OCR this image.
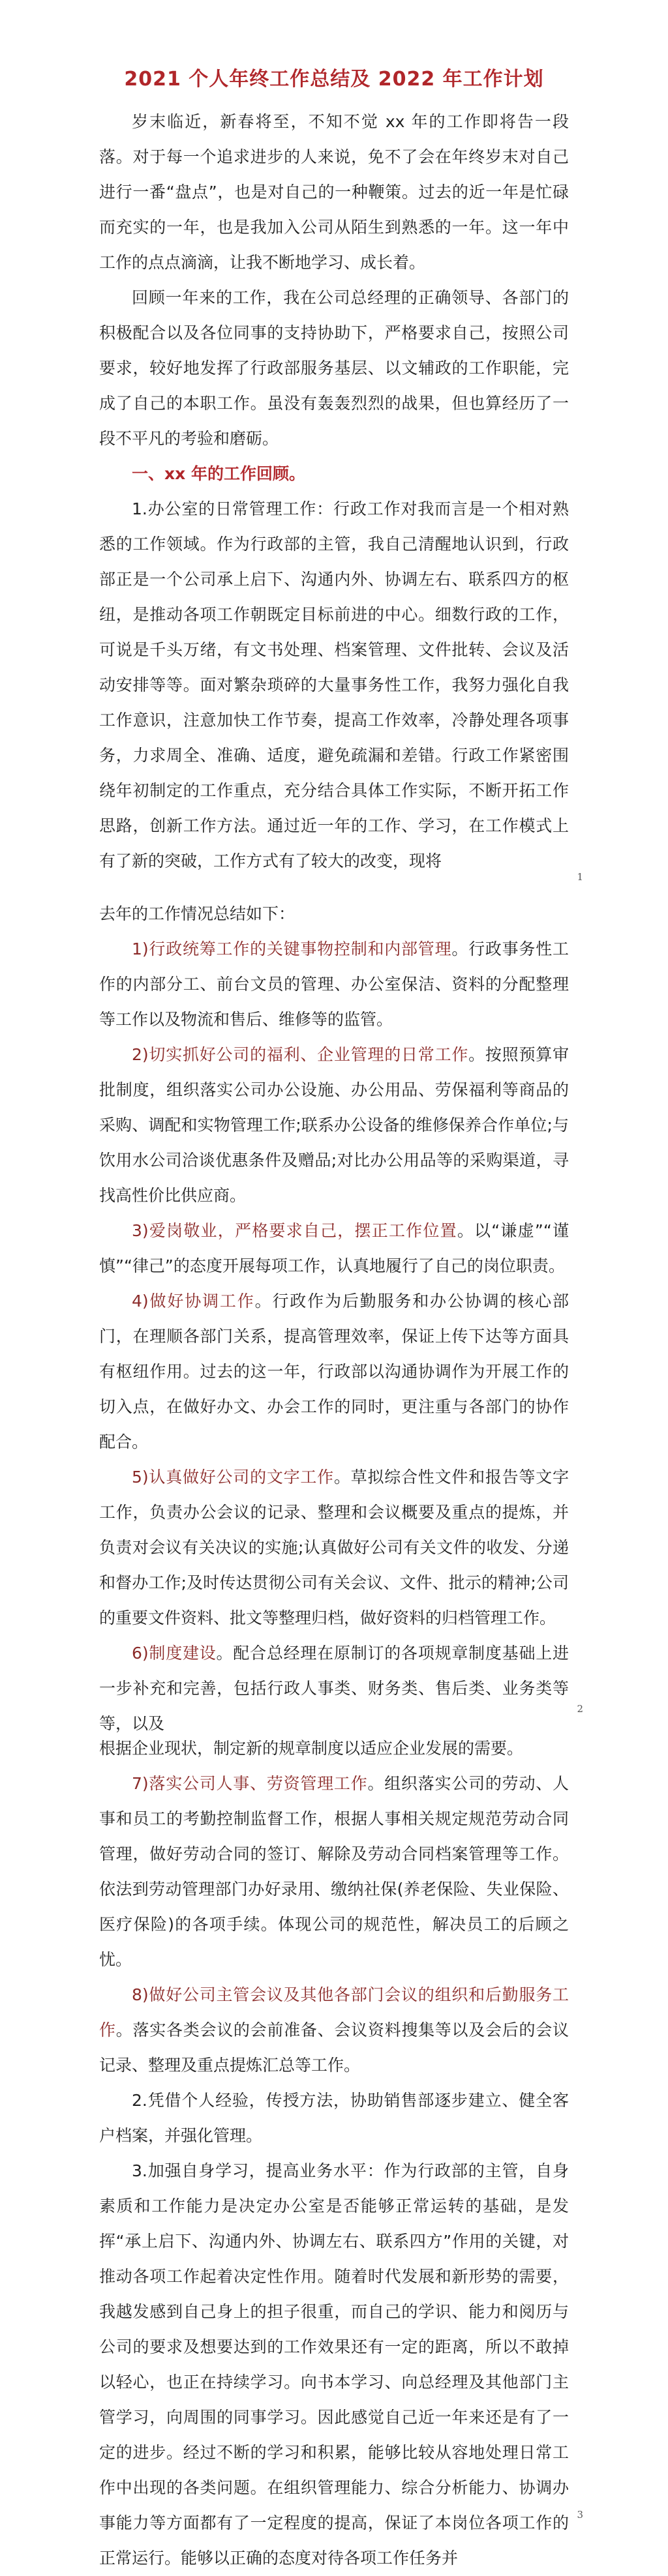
2021 个人年终工作总结及 2022 年工作计划

岁末临近，新春将至，不知不觉 xx 年的工作即将告一段落。对于每一个追求进步的人来说，免不了会在年终岁末对自己进行一番“盘点”，也是对自己的一种鞭策。过去的近一年是忙碌而充实的一年，也是我加入公司从陌生到熟悉的一年。这一年中工作的点点滴滴，让我不断地学习、成长着。

回顾一年来的工作，我在公司总经理的正确领导、各部门的积极配合以及各位同事的支持协助下，严格要求自己，按照公司要求，较好地发挥了行政部服务基层、以文辅政的工作职能，完成了自己的本职工作。虽没有轰轰烈烈的战果，但也算经历了一段不平凡的考验和磨砺。

一、xx 年的工作回顾。

1.办公室的日常管理工作：行政工作对我而言是一个相对熟悉的工作领域。作为行政部的主管，我自己清醒地认识到，行政部正是一个公司承上启下、沟通内外、协调左右、联系四方的枢纽，是推动各项工作朝既定目标前进的中心。细数行政的工作，可说是千头万绪，有文书处理、档案管理、文件批转、会议及活动安排等等。面对繁杂琐碎的大量事务性工作，我努力强化自我工作意识，注意加快工作节奏，提高工作效率，冷静处理各项事务，力求周全、准确、适度，避免疏漏和差错。行政工作紧密围绕年初制定的工作重点，充分结合具体工作实际，不断开拓工作思路，创新工作方法。通过近一年的工作、学习，在工作模式上有了新的突破，工作方式有了较大的改变，现将

1

去年的工作情况总结如下：

1)行政统筹工作的关键事物控制和内部管理。行政事务性工作的内部分工、前台文员的管理、办公室保洁、资料的分配整理等工作以及物流和售后、维修等的监管。

2)切实抓好公司的福利、企业管理的日常工作。按照预算审批制度，组织落实公司办公设施、办公用品、劳保福利等商品的采购、调配和实物管理工作;联系办公设备的维修保养合作单位;与饮用水公司洽谈优惠条件及赠品;对比办公用品等的采购渠道，寻找高性价比供应商。

3)爱岗敬业，严格要求自己，摆正工作位置。以“谦虚”“谨慎”“律己”的态度开展每项工作，认真地履行了自己的岗位职责。

4)做好协调工作。行政作为后勤服务和办公协调的核心部门，在理顺各部门关系，提高管理效率，保证上传下达等方面具有枢纽作用。过去的这一年，行政部以沟通协调作为开展工作的切入点，在做好办文、办会工作的同时，更注重与各部门的协作配合。

5)认真做好公司的文字工作。草拟综合性文件和报告等文字工作，负责办公会议的记录、整理和会议概要及重点的提炼，并负责对会议有关决议的实施;认真做好公司有关文件的收发、分递和督办工作;及时传达贯彻公司有关会议、文件、批示的精神;公司的重要文件资料、批文等整理归档，做好资料的归档管理工作。

6)制度建设。配合总经理在原制订的各项规章制度基础上进一步补充和完善，包括行政人事类、财务类、售后类、业务类等等，以及

2

根据企业现状，制定新的规章制度以适应企业发展的需要。

7)落实公司人事、劳资管理工作。组织落实公司的劳动、人事和员工的考勤控制监督工作，根据人事相关规定规范劳动合同管理，做好劳动合同的签订、解除及劳动合同档案管理等工作。依法到劳动管理部门办好录用、缴纳社保(养老保险、失业保险、医疗保险)的各项手续。体现公司的规范性，解决员工的后顾之忧。

8)做好公司主管会议及其他各部门会议的组织和后勤服务工作。落实各类会议的会前准备、会议资料搜集等以及会后的会议记录、整理及重点提炼汇总等工作。

2.凭借个人经验，传授方法，协助销售部逐步建立、健全客户档案，并强化管理。

3.加强自身学习，提高业务水平：作为行政部的主管，自身素质和工作能力是决定办公室是否能够正常运转的基础，是发挥“承上启下、沟通内外、协调左右、联系四方”作用的关键，对推动各项工作起着决定性作用。随着时代发展和新形势的需要，我越发感到自己身上的担子很重，而自己的学识、能力和阅历与公司的要求及想要达到的工作效果还有一定的距离，所以不敢掉以轻心，也正在持续学习。向书本学习、向总经理及其他部门主管学习，向周围的同事学习。因此感觉自己近一年来还是有了一定的进步。经过不断的学习和积累，能够比较从容地处理日常工作中出现的各类问题。在组织管理能力、综合分析能力、协调办事能力等方面都有了一定程度的提高，保证了本岗位各项工作的正常运行。能够以正确的态度对待各项工作任务并

3
